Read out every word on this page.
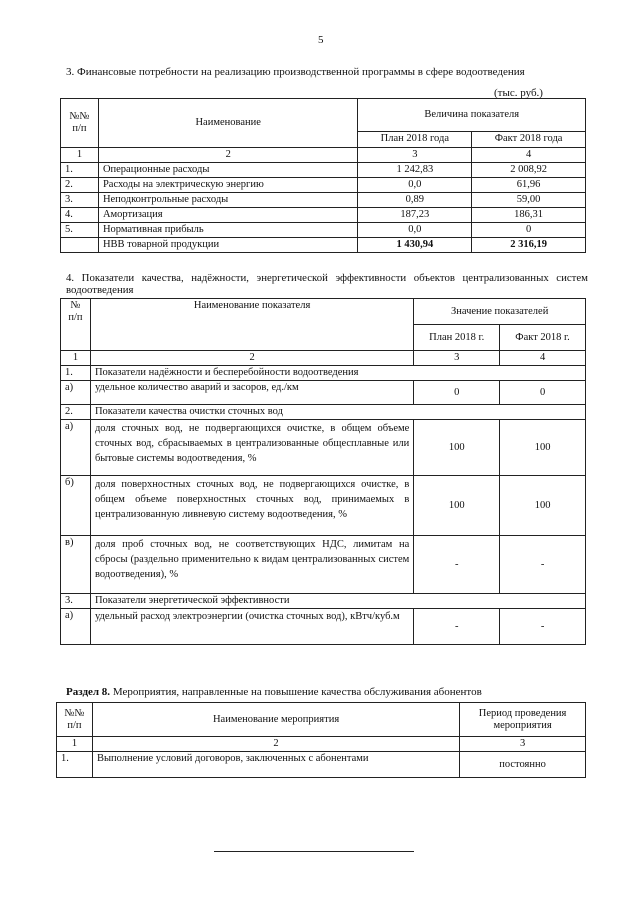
5
3. Финансовые потребности на реализацию производственной программы в сфере водоотведения
(тыс. руб.)
№№ п/п	Наименование	Величина показателя	
		План 2018 года	Факт 2018 года
1	2	3	4
1.	Операционные расходы	1 242,83	2 008,92
2.	Расходы на электрическую энергию	0,0	61,96
3.	Неподконтрольные расходы	0,89	59,00
4.	Амортизация	187,23	186,31
5.	Нормативная прибыль	0,0	0
	НВВ товарной продукции	1 430,94	2 316,19
4. Показатели качества, надёжности, энергетической эффективности объектов централизованных систем водоотведения
№ п/п	Наименование показателя	Значение показателей	
		План 2018 г.	Факт 2018 г.
1	2	3	4
1.	Показатели надёжности и бесперебойности водоотведения		
а)	удельное количество аварий и засоров, ед./км	0	0
2.	Показатели качества очистки сточных вод		
а)	доля сточных вод, не подвергающихся очистке, в общем объеме сточных вод, сбрасываемых в централизованные общесплавные или бытовые системы водоотведения, %	100	100
б)	доля поверхностных сточных вод, не подвергающихся очистке, в общем объеме поверхностных сточных вод, принимаемых в централизованную ливневую систему водоотведения, %	100	100
в)	доля проб сточных вод, не соответствующих НДС, лимитам на сбросы (раздельно применительно к видам централизованных систем водоотведения), %	-	-
3.	Показатели энергетической эффективности		
а)	удельный расход электроэнергии (очистка сточных вод), кВтч/куб.м	-	-
Раздел 8. Мероприятия, направленные на повышение качества обслуживания абонентов
№№ п/п	Наименование мероприятия	Период проведения мероприятия
1	2	3
1.	Выполнение условий договоров, заключенных с абонентами	постоянно
